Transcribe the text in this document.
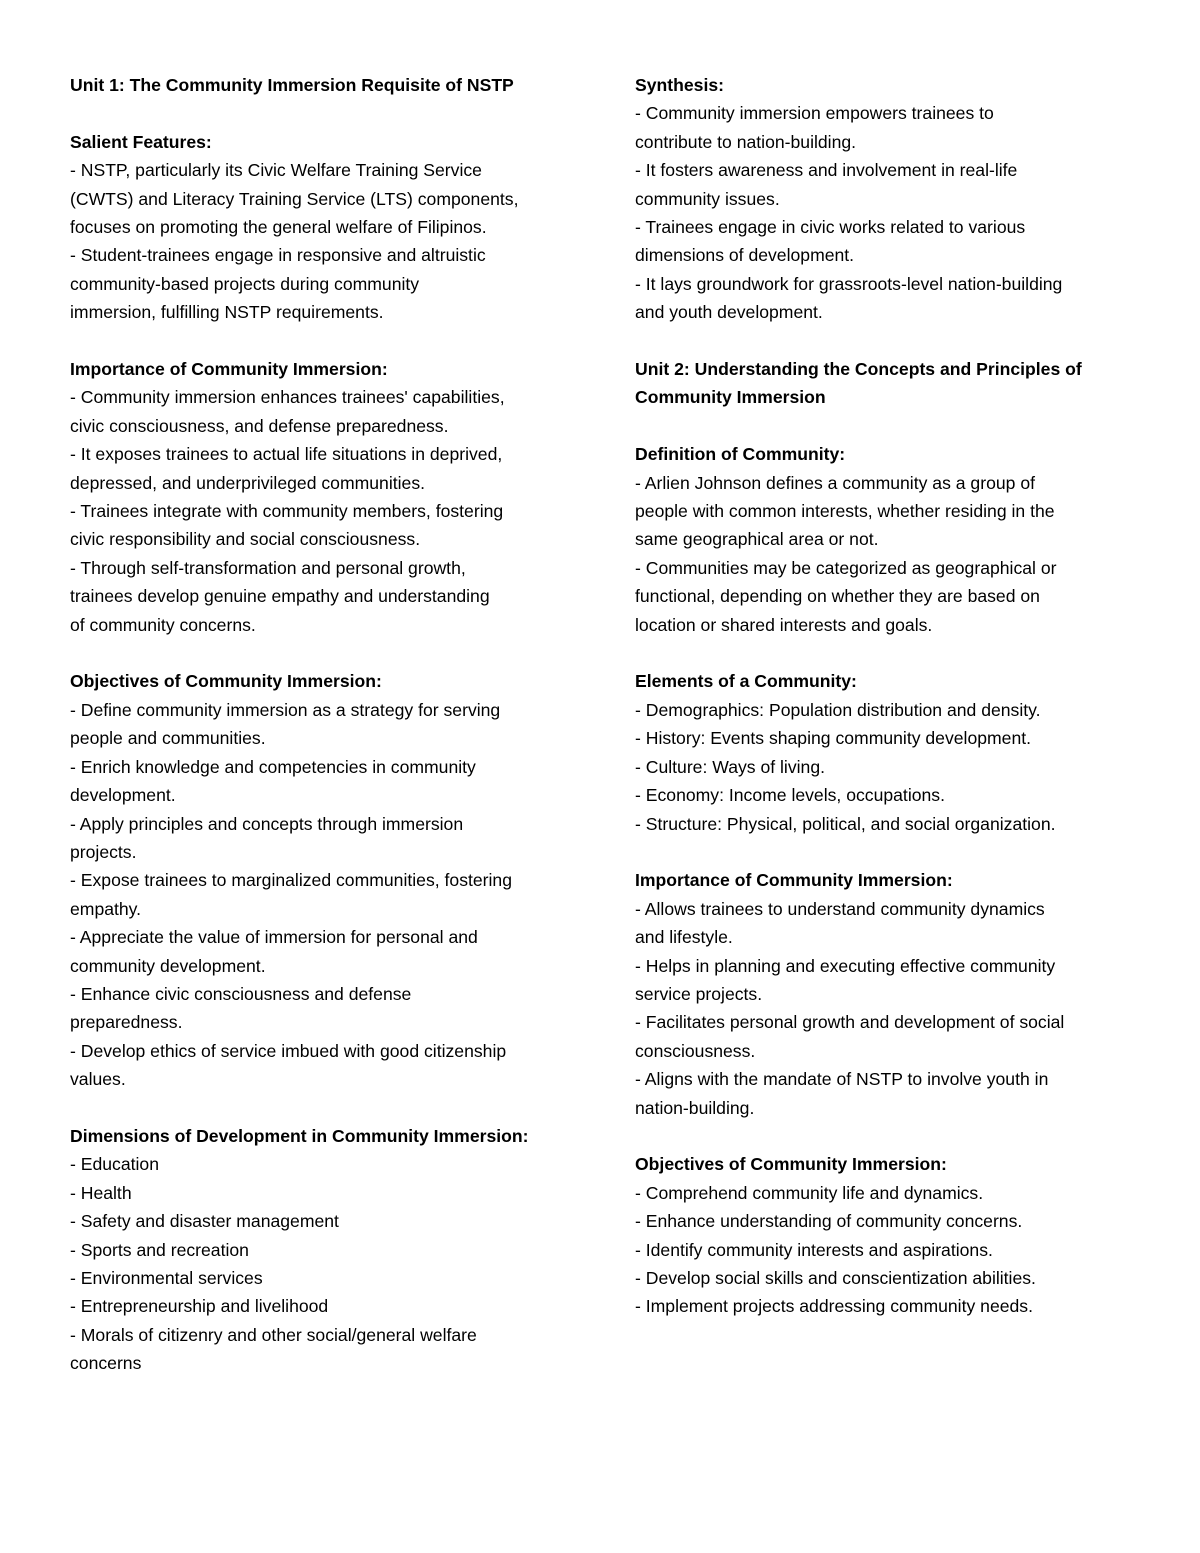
Unit 1: The Community Immersion Requisite of NSTP

Salient Features:

- NSTP, particularly its Civic Welfare Training Service

(CWTS) and Literacy Training Service (LTS) components,

focuses on promoting the general welfare of Filipinos.

- Student-trainees engage in responsive and altruistic

community-based projects during community

immersion, fulfilling NSTP requirements.

Importance of Community Immersion:

- Community immersion enhances trainees' capabilities,

civic consciousness, and defense preparedness.

- It exposes trainees to actual life situations in deprived,

depressed, and underprivileged communities.

- Trainees integrate with community members, fostering

civic responsibility and social consciousness.

- Through self-transformation and personal growth,

trainees develop genuine empathy and understanding

of community concerns.

Objectives of Community Immersion:

- Define community immersion as a strategy for serving

people and communities.

- Enrich knowledge and competencies in community

development.

- Apply principles and concepts through immersion

projects.

- Expose trainees to marginalized communities, fostering

empathy.

- Appreciate the value of immersion for personal and

community development.

- Enhance civic consciousness and defense

preparedness.

- Develop ethics of service imbued with good citizenship

values.

Dimensions of Development in Community Immersion:

- Education

- Health

- Safety and disaster management

- Sports and recreation

- Environmental services

- Entrepreneurship and livelihood

- Morals of citizenry and other social/general welfare

concerns

Synthesis:

- Community immersion empowers trainees to

contribute to nation-building.

- It fosters awareness and involvement in real-life

community issues.

- Trainees engage in civic works related to various

dimensions of development.

- It lays groundwork for grassroots-level nation-building

and youth development.

Unit 2: Understanding the Concepts and Principles of

Community Immersion

Definition of Community:

- Arlien Johnson defines a community as a group of

people with common interests, whether residing in the

same geographical area or not.

- Communities may be categorized as geographical or

functional, depending on whether they are based on

location or shared interests and goals.

Elements of a Community:

- Demographics: Population distribution and density.

- History: Events shaping community development.

- Culture: Ways of living.

- Economy: Income levels, occupations.

- Structure: Physical, political, and social organization.

Importance of Community Immersion:

- Allows trainees to understand community dynamics

and lifestyle.

- Helps in planning and executing effective community

service projects.

- Facilitates personal growth and development of social

consciousness.

- Aligns with the mandate of NSTP to involve youth in

nation-building.

Objectives of Community Immersion:

- Comprehend community life and dynamics.

- Enhance understanding of community concerns.

- Identify community interests and aspirations.

- Develop social skills and conscientization abilities.

- Implement projects addressing community needs.
